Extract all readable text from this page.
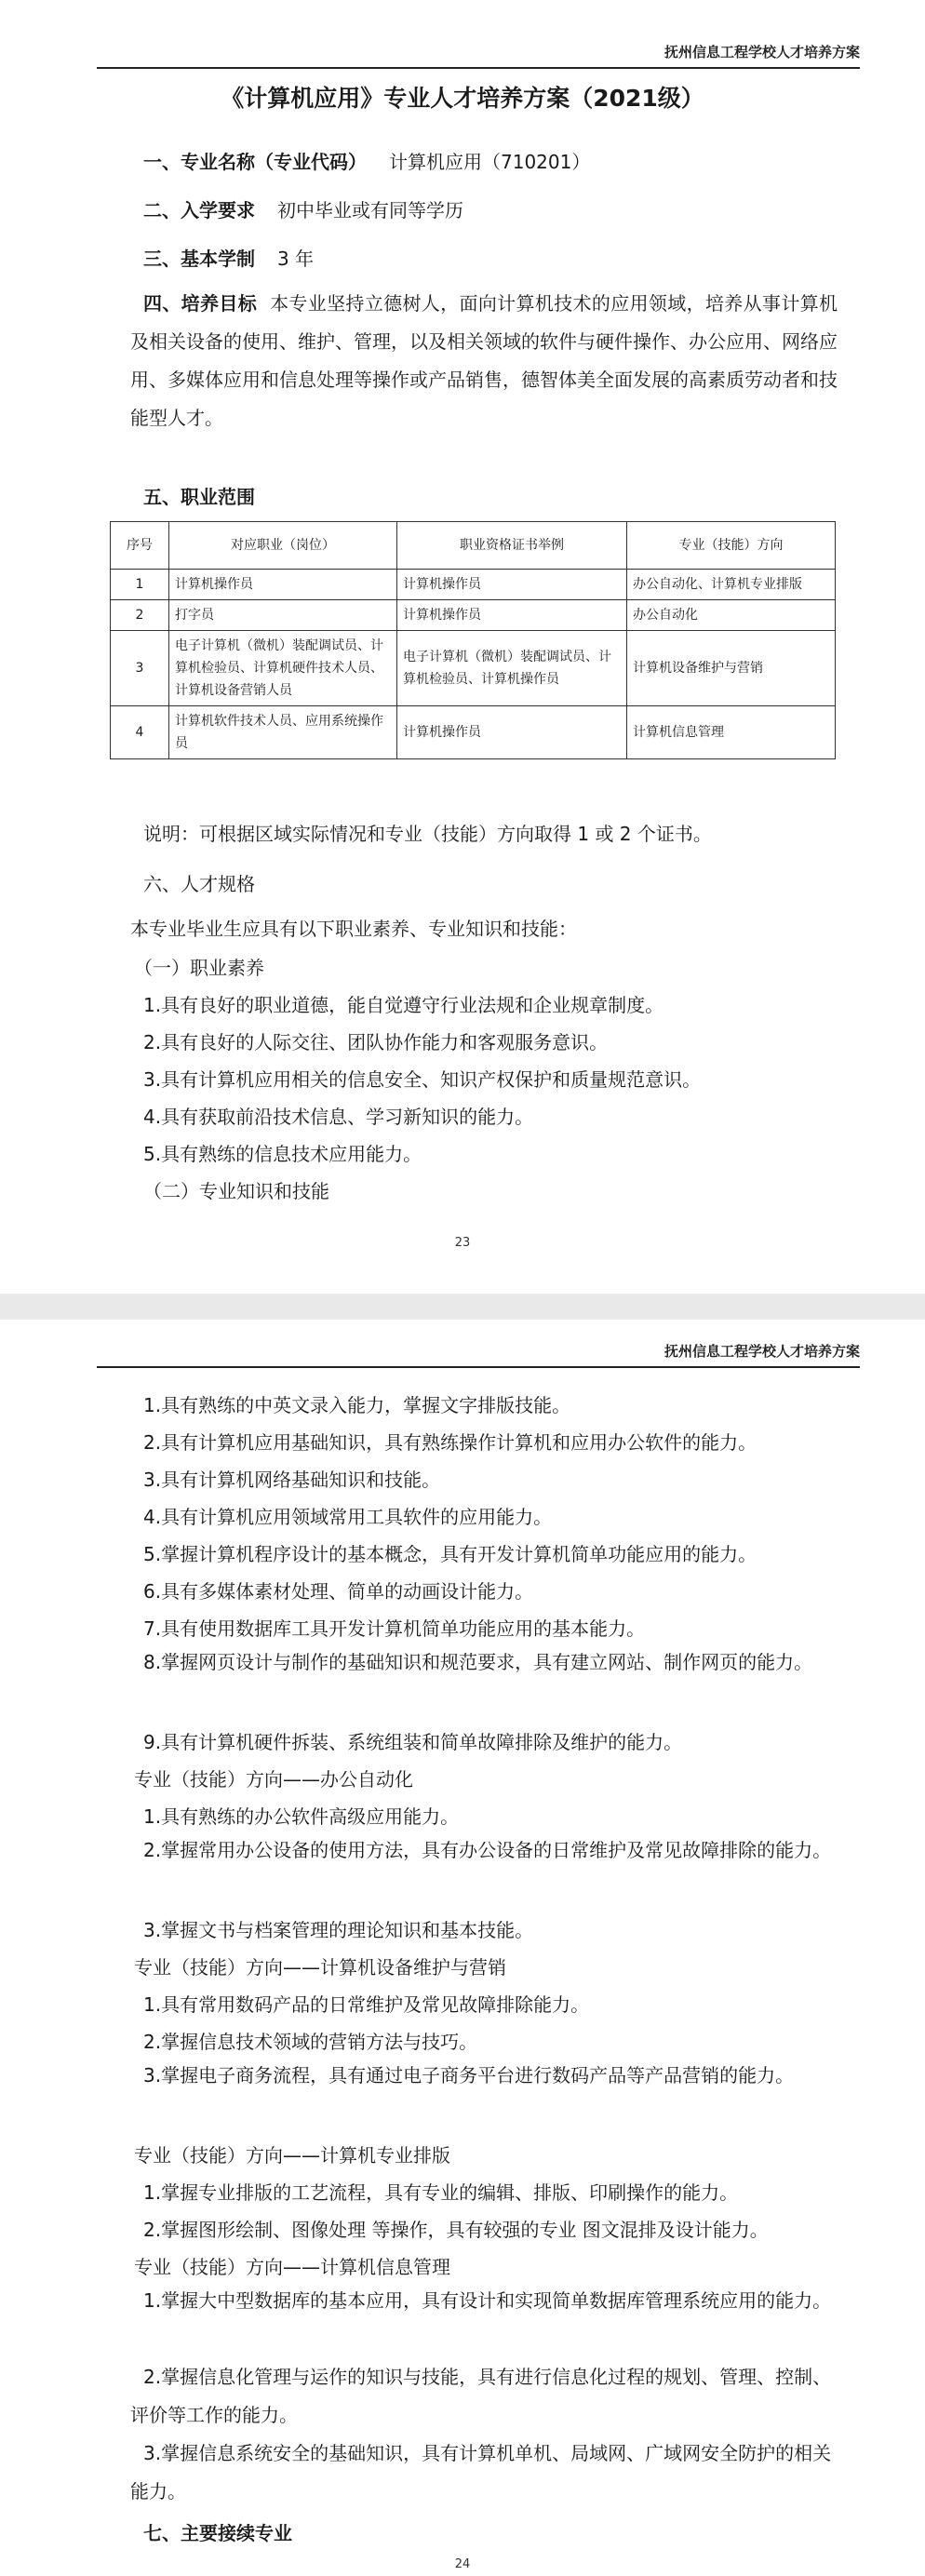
抚州信息工程学校人才培养方案
《计算机应用》专业人才培养方案（2021级）
一、专业名称（专业代码） 计算机应用（710201）
二、入学要求 初中毕业或有同等学历
三、基本学制 3 年
四、培养目标 本专业坚持立德树人，面向计算机技术的应用领域，培养从事计算机及相关设备的使用、维护、管理，以及相关领域的软件与硬件操作、办公应用、网络应用、多媒体应用和信息处理等操作或产品销售，德智体美全面发展的高素质劳动者和技能型人才。
五、职业范围
序号	对应职业（岗位）	职业资格证书举例	专业（技能）方向
1	计算机操作员	计算机操作员	办公自动化、计算机专业排版
2	打字员	计算机操作员	办公自动化
3	电子计算机（微机）装配调试员、计算机检验员、计算机硬件技术人员、计算机设备营销人员	电子计算机（微机）装配调试员、计算机检验员、计算机操作员	计算机设备维护与营销
4	计算机软件技术人员、应用系统操作员	计算机操作员	计算机信息管理
说明：可根据区域实际情况和专业（技能）方向取得 1 或 2 个证书。
六、人才规格
本专业毕业生应具有以下职业素养、专业知识和技能：
（一）职业素养
1.具有良好的职业道德，能自觉遵守行业法规和企业规章制度。
2.具有良好的人际交往、团队协作能力和客观服务意识。
3.具有计算机应用相关的信息安全、知识产权保护和质量规范意识。
4.具有获取前沿技术信息、学习新知识的能力。
5.具有熟练的信息技术应用能力。
（二）专业知识和技能
23
抚州信息工程学校人才培养方案
1.具有熟练的中英文录入能力，掌握文字排版技能。
2.具有计算机应用基础知识，具有熟练操作计算机和应用办公软件的能力。
3.具有计算机网络基础知识和技能。
4.具有计算机应用领域常用工具软件的应用能力。
5.掌握计算机程序设计的基本概念，具有开发计算机简单功能应用的能力。
6.具有多媒体素材处理、简单的动画设计能力。
7.具有使用数据库工具开发计算机简单功能应用的基本能力。
8.掌握网页设计与制作的基础知识和规范要求，具有建立网站、制作网页的能力。
9.具有计算机硬件拆装、系统组装和简单故障排除及维护的能力。
专业（技能）方向——办公自动化
1.具有熟练的办公软件高级应用能力。
2.掌握常用办公设备的使用方法，具有办公设备的日常维护及常见故障排除的能力。
3.掌握文书与档案管理的理论知识和基本技能。
专业（技能）方向——计算机设备维护与营销
1.具有常用数码产品的日常维护及常见故障排除能力。
2.掌握信息技术领域的营销方法与技巧。
3.掌握电子商务流程，具有通过电子商务平台进行数码产品等产品营销的能力。
专业（技能）方向——计算机专业排版
1.掌握专业排版的工艺流程，具有专业的编辑、排版、印刷操作的能力。
2.掌握图形绘制、图像处理 等操作，具有较强的专业 图文混排及设计能力。
专业（技能）方向——计算机信息管理
1.掌握大中型数据库的基本应用，具有设计和实现简单数据库管理系统应用的能力。
2.掌握信息化管理与运作的知识与技能，具有进行信息化过程的规划、管理、控制、评价等工作的能力。
3.掌握信息系统安全的基础知识，具有计算机单机、局域网、广域网安全防护的相关能力。
七、主要接续专业
24
